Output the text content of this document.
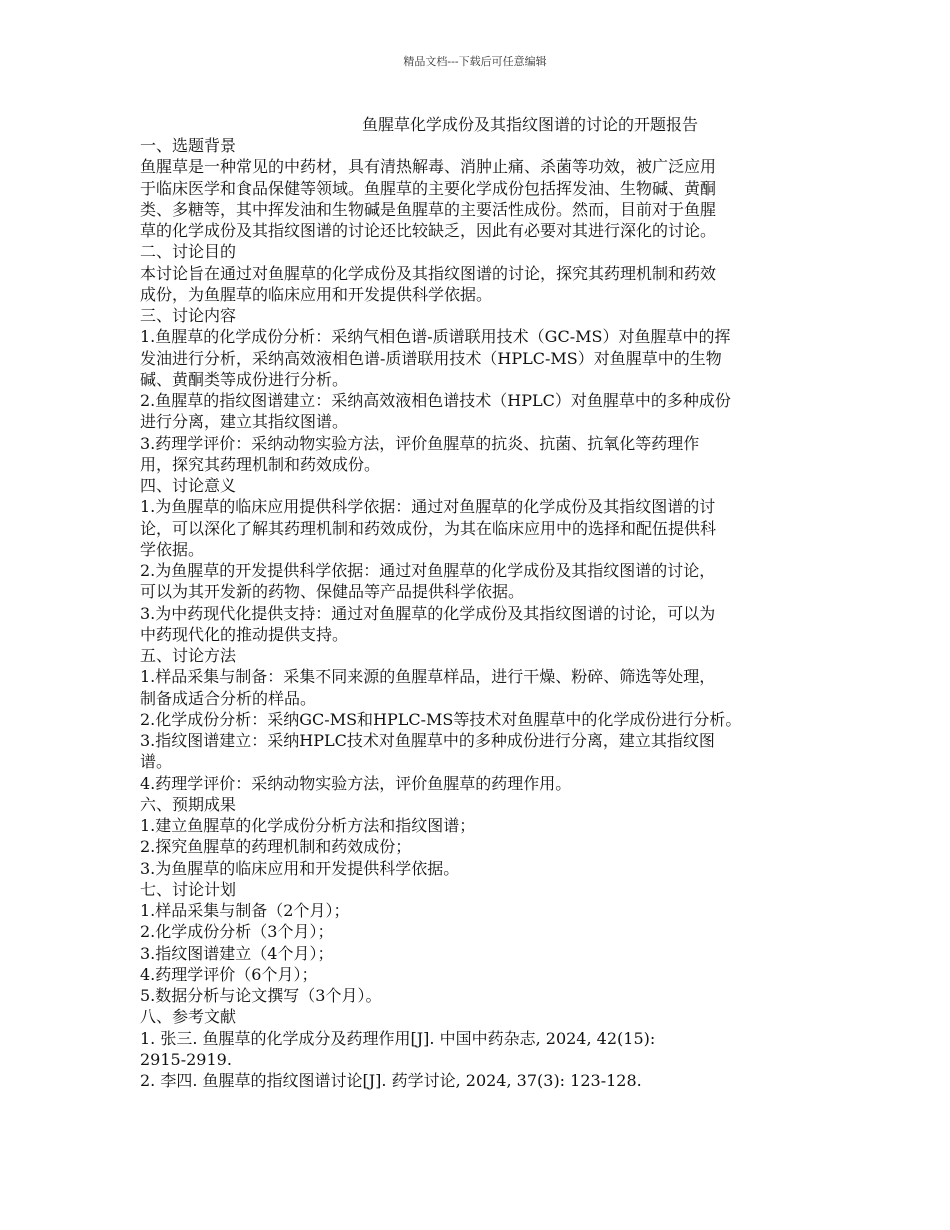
精品文档---下载后可任意编辑
鱼腥草化学成份及其指纹图谱的讨论的开题报告
一、选题背景
鱼腥草是一种常见的中药材，具有清热解毒、消肿止痛、杀菌等功效，被广泛应用
于临床医学和食品保健等领域。鱼腥草的主要化学成份包括挥发油、生物碱、黄酮
类、多糖等，其中挥发油和生物碱是鱼腥草的主要活性成份。然而，目前对于鱼腥
草的化学成份及其指纹图谱的讨论还比较缺乏，因此有必要对其进行深化的讨论。
二、讨论目的
本讨论旨在通过对鱼腥草的化学成份及其指纹图谱的讨论，探究其药理机制和药效
成份，为鱼腥草的临床应用和开发提供科学依据。
三、讨论内容
1.鱼腥草的化学成份分析：采纳气相色谱-质谱联用技术（GC-MS）对鱼腥草中的挥
发油进行分析，采纳高效液相色谱-质谱联用技术（HPLC-MS）对鱼腥草中的生物
碱、黄酮类等成份进行分析。
2.鱼腥草的指纹图谱建立：采纳高效液相色谱技术（HPLC）对鱼腥草中的多种成份
进行分离，建立其指纹图谱。
3.药理学评价：采纳动物实验方法，评价鱼腥草的抗炎、抗菌、抗氧化等药理作
用，探究其药理机制和药效成份。
四、讨论意义
1.为鱼腥草的临床应用提供科学依据：通过对鱼腥草的化学成份及其指纹图谱的讨
论，可以深化了解其药理机制和药效成份，为其在临床应用中的选择和配伍提供科
学依据。
2.为鱼腥草的开发提供科学依据：通过对鱼腥草的化学成份及其指纹图谱的讨论，
可以为其开发新的药物、保健品等产品提供科学依据。
3.为中药现代化提供支持：通过对鱼腥草的化学成份及其指纹图谱的讨论，可以为
中药现代化的推动提供支持。
五、讨论方法
1.样品采集与制备：采集不同来源的鱼腥草样品，进行干燥、粉碎、筛选等处理，
制备成适合分析的样品。
2.化学成份分析：采纳GC-MS和HPLC-MS等技术对鱼腥草中的化学成份进行分析。
3.指纹图谱建立：采纳HPLC技术对鱼腥草中的多种成份进行分离，建立其指纹图
谱。
4.药理学评价：采纳动物实验方法，评价鱼腥草的药理作用。
六、预期成果
1.建立鱼腥草的化学成份分析方法和指纹图谱；
2.探究鱼腥草的药理机制和药效成份；
3.为鱼腥草的临床应用和开发提供科学依据。
七、讨论计划
1.样品采集与制备（2个月）；
2.化学成份分析（3个月）；
3.指纹图谱建立（4个月）；
4.药理学评价（6个月）；
5.数据分析与论文撰写（3个月）。
八、参考文献
1. 张三. 鱼腥草的化学成分及药理作用[J]. 中国中药杂志, 2024, 42(15):
2915-2919.
2. 李四. 鱼腥草的指纹图谱讨论[J]. 药学讨论, 2024, 37(3): 123-128.
